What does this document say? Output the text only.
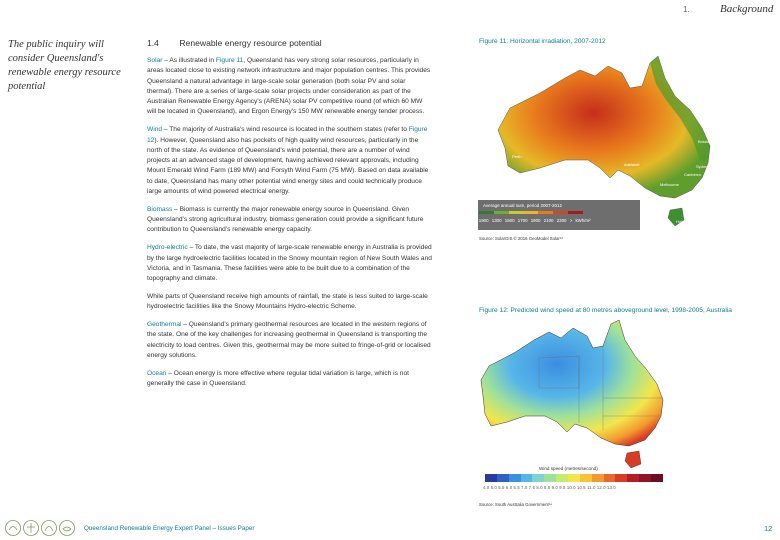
1.	Background
The public inquiry will consider Queensland's renewable energy resource potential
1.4 Renewable energy resource potential

Solar – As illustrated in Figure 11, Queensland has very strong solar resources, particularly in areas located close to existing network infrastructure and major population centres. This provides Queensland a natural advantage in large-scale solar generation (both solar PV and solar thermal). There are a series of large-scale solar projects under consideration as part of the Australian Renewable Energy Agency's (ARENA) solar PV competitive round (of which 60 MW will be located in Queensland), and Ergon Energy's 150 MW renewable energy tender process.

Wind – The majority of Australia's wind resource is located in the southern states (refer to Figure 12). However, Queensland also has pockets of high quality wind resources, particularly in the north of the state. As evidence of Queensland's wind potential, there are a number of wind projects at an advanced stage of development, having achieved relevant approvals, including Mount Emerald Wind Farm (189 MW) and Forsyth Wind Farm (75 MW). Based on data available to date, Queensland has many other potential wind energy sites and could technically produce large amounts of wind powered electrical energy.

Biomass – Biomass is currently the major renewable energy source in Queensland. Given Queensland's strong agricultural industry, biomass generation could provide a significant future contribution to Queensland's renewable energy capacity.

Hydro-electric – To date, the vast majority of large-scale renewable energy in Australia is provided by the large hydroelectric facilities located in the Snowy mountain region of New South Wales and Victoria, and in Tasmania. These facilities were able to be built due to a combination of the topography and climate.

While parts of Queensland receive high amounts of rainfall, the state is less suited to large-scale hydroelectric facilities like the Snowy Mountains Hydro-electric Scheme.

Geothermal – Queensland's primary geothermal resources are located in the western regions of the state. One of the key challenges for increasing geothermal in Queensland is transporting the electricity to load centres. Given this, geothermal may be more suited to fringe-of-grid or localised energy solutions.

Ocean – Ocean energy is more effective where regular tidal variation is large, which is not generally the case in Queensland.

Figure 11: Horizontal irradiation, 2007-2012
Darwin
Brisbane
Perth
Adelaide	Sydney
Canberra
Melbourne
Hobart
Average annual sum, period 2007-2012
< 1900 1300 1500 1700 1900 2100 2300 > kWh/m²
Source: SolarGIS © 2016 GeoModel Solar¹³
Figure 12: Predicted wind speed at 80 metres aboveground level, 1998-2005, Australia
Wind speed (metres/second)
4.0 5.0 5.5 6.0 6.5 7.0 7.5 8.0 8.5 9.0 9.5 10.0 10.5 11.0 12.0 13.0
Source: South Australia Government¹⁴
Queensland Renewable Energy Expert Panel – Issues Paper	12
